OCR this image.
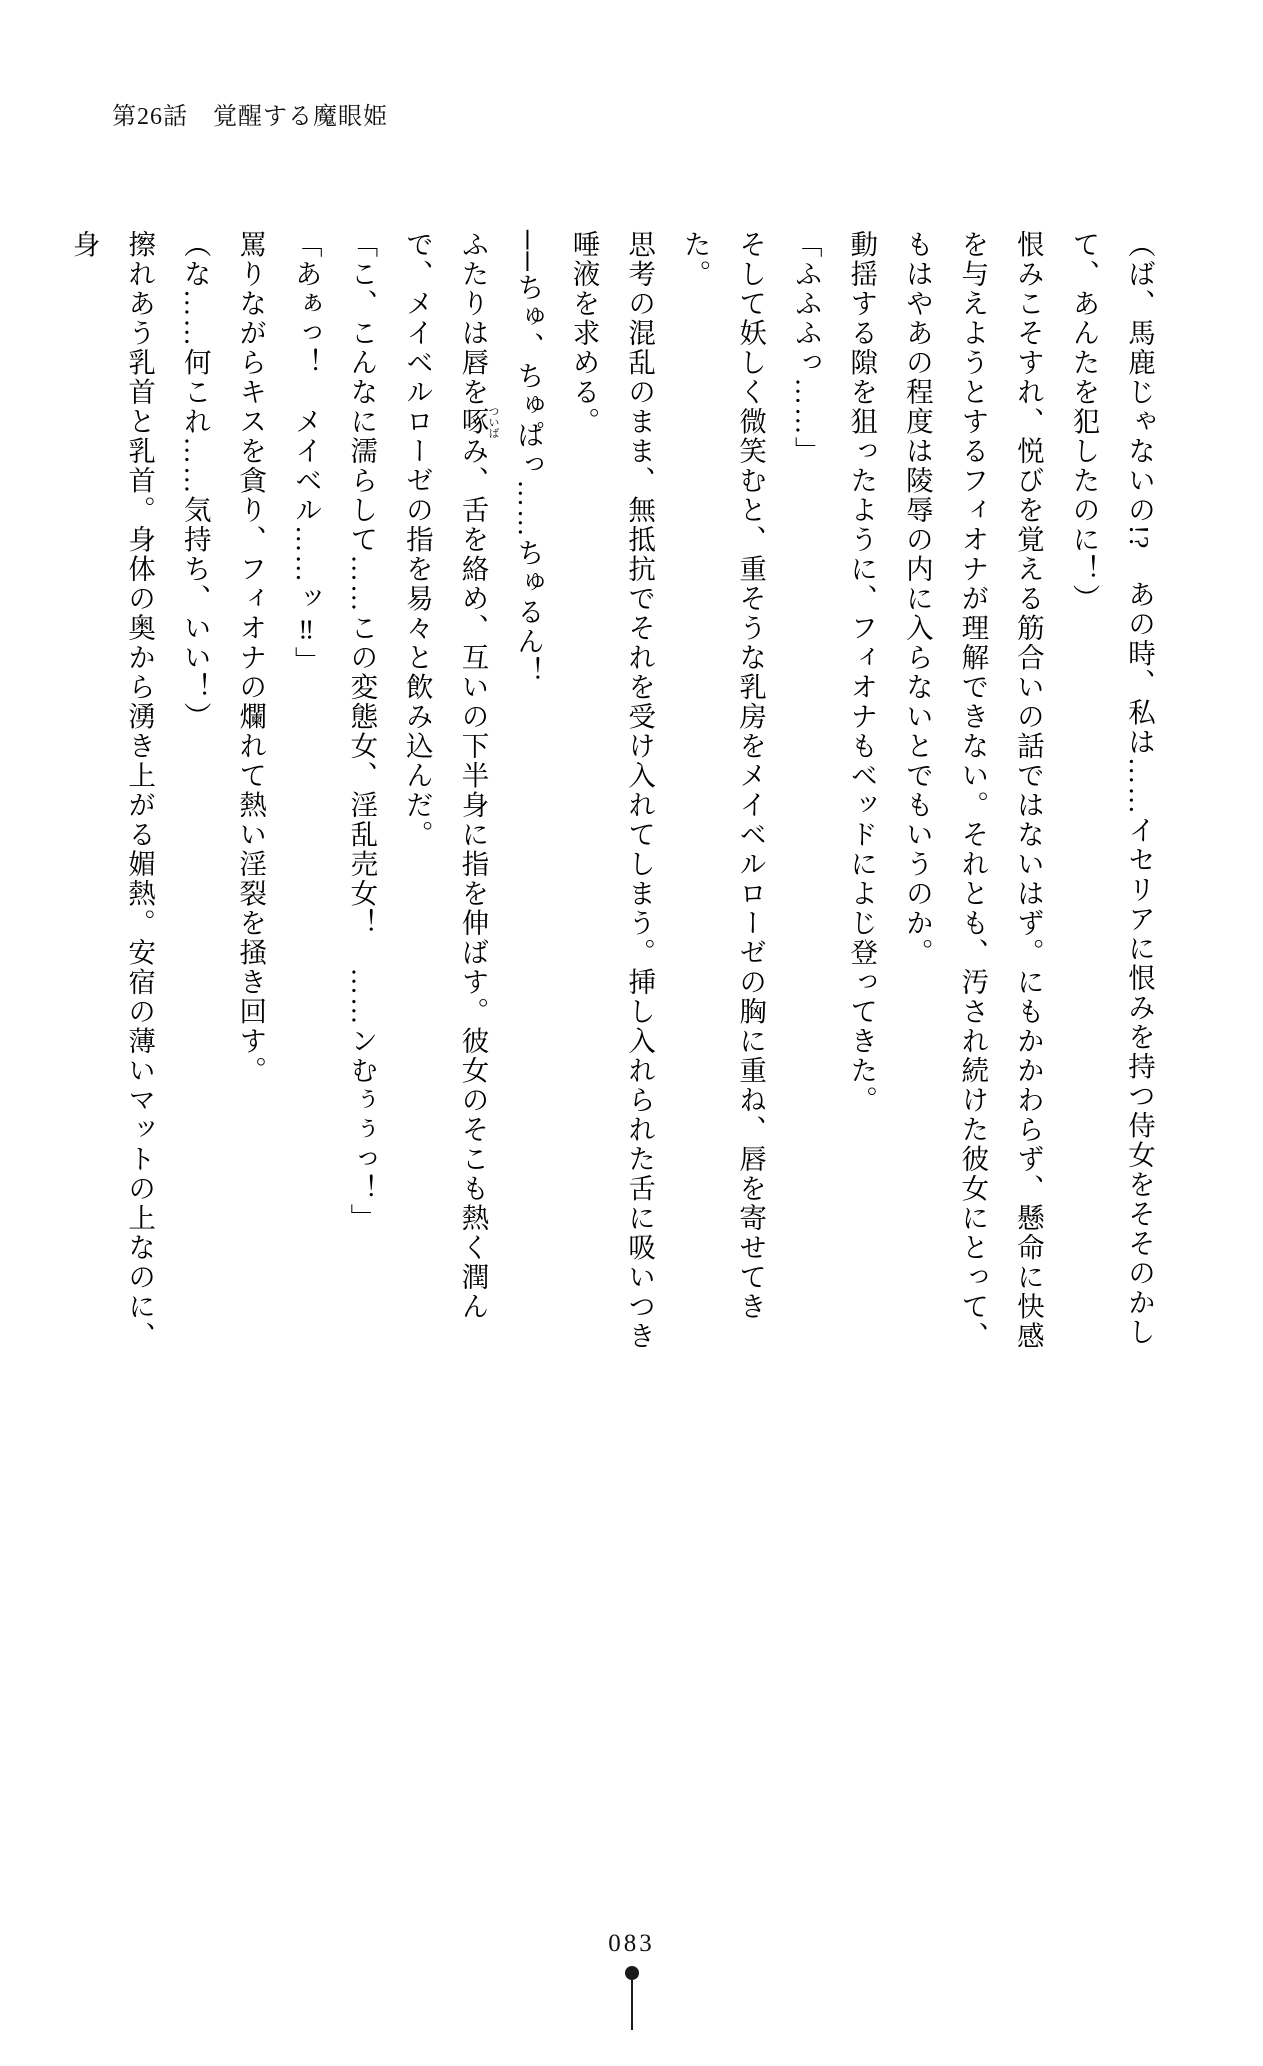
第26話　覚醒する魔眼姫

（ば、馬鹿じゃないの!?　あの時、私は……イセリアに恨みを持つ侍女をそそのかして、あんたを犯したのに！）

恨みこそすれ、悦びを覚える筋合いの話ではないはず。にもかかわらず、懸命に快感を与えようとするフィオナが理解できない。それとも、汚され続けた彼女にとって、もはやあの程度は陵辱の内に入らないとでもいうのか。

動揺する隙を狙ったように、フィオナもベッドによじ登ってきた。

「ふふふっ……」

そして妖しく微笑むと、重そうな乳房をメイベルローゼの胸に重ね、唇を寄せてきた。

思考の混乱のまま、無抵抗でそれを受け入れてしまう。挿し入れられた舌に吸いつき唾液を求める。

──ちゅ、ちゅぱっ……ちゅるん！

ふたりは唇を啄ついばみ、舌を絡め、互いの下半身に指を伸ばす。彼女のそこも熱く潤んで、メイベルローゼの指を易々と飲み込んだ。

「こ、こんなに濡らして……この変態女、淫乱売女！　……ンむぅぅっ！」

「あぁっ！　メイベル……ッ‼」

罵りながらキスを貪り、フィオナの爛れて熱い淫裂を掻き回す。

（な……何これ……気持ち、いい！）

擦れあう乳首と乳首。身体の奥から湧き上がる媚熱。安宿の薄いマットの上なのに、身

083
